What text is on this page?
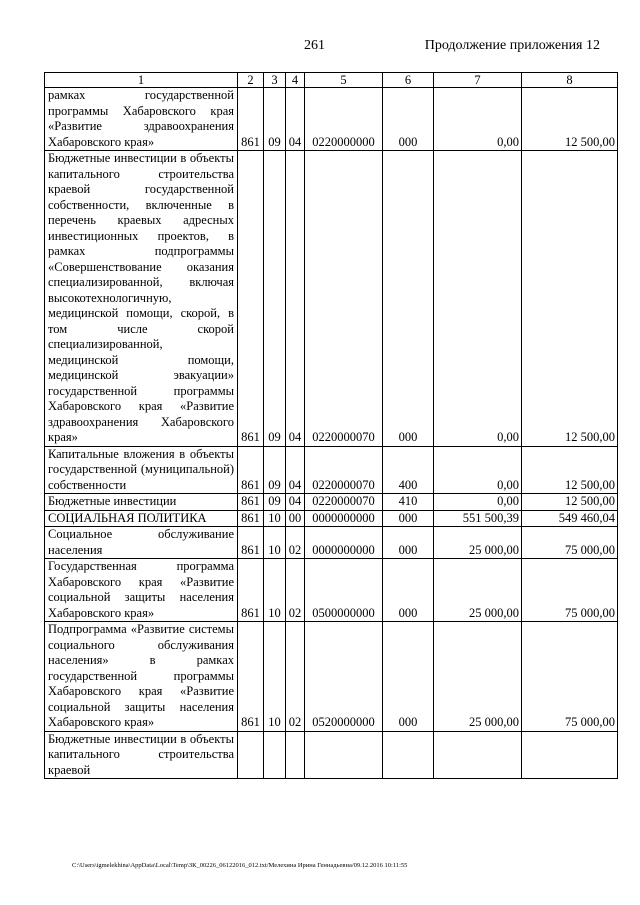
261	Продолжение приложения 12
1	2	3	4	5	6	7	8
рамках государственной программы Хабаровского края «Развитие здравоохранения Хабаровского края»	861	09	04	0220000000	000	0,00	12 500,00
Бюджетные инвестиции в объекты капитального строительства краевой государственной собственности, включенные в перечень краевых адресных инвестиционных проектов, в рамках подпрограммы «Совершенствование оказания специализированной, включая высокотехнологичную, медицинской помощи, скорой, в том числе скорой специализированной, медицинской помощи, медицинской эвакуации» государственной программы Хабаровского края «Развитие здравоохранения Хабаровского края»	861	09	04	0220000070	000	0,00	12 500,00
Капитальные вложения в объекты государственной (муниципальной) собственности	861	09	04	0220000070	400	0,00	12 500,00
Бюджетные инвестиции	861	09	04	0220000070	410	0,00	12 500,00
СОЦИАЛЬНАЯ ПОЛИТИКА	861	10	00	0000000000	000	551 500,39	549 460,04
Социальное обслуживание населения	861	10	02	0000000000	000	25 000,00	75 000,00
Государственная программа Хабаровского края «Развитие социальной защиты населения Хабаровского края»	861	10	02	0500000000	000	25 000,00	75 000,00
Подпрограмма «Развитие системы социального обслуживания населения» в рамках государственной программы Хабаровского края «Развитие социальной защиты населения Хабаровского края»	861	10	02	0520000000	000	25 000,00	75 000,00
Бюджетные инвестиции в объекты капитального строительства краевой							
C:\Users\igmelekhina\AppData\Local\Temp\ЗК_00226_06122016_012.txt/Мелехина Ирина Геннадьевна/09.12.2016 10:11:55
